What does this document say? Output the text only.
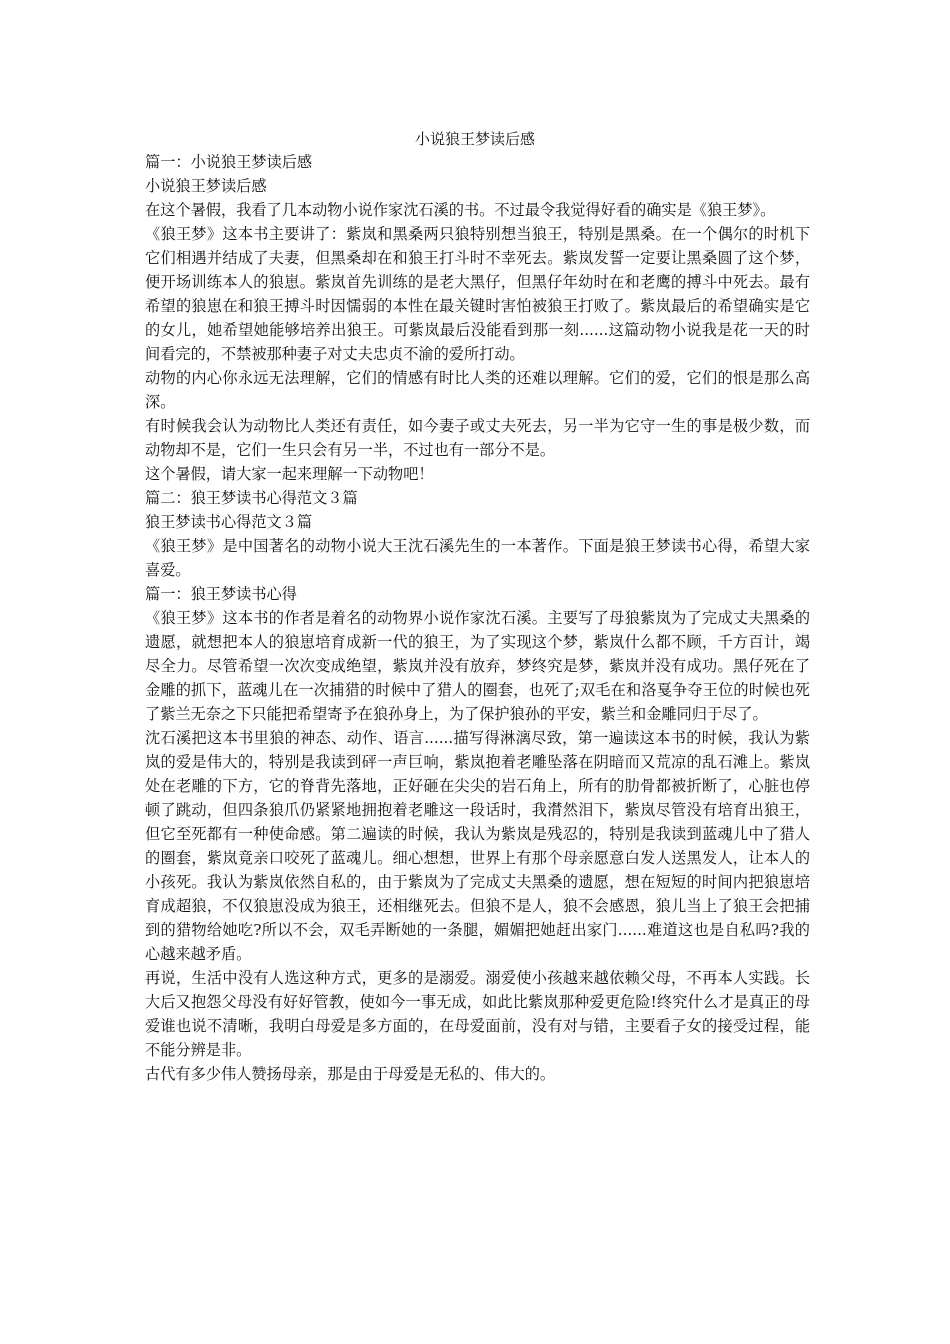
小说狼王梦读后感

篇一：小说狼王梦读后感

小说狼王梦读后感

在这个暑假，我看了几本动物小说作家沈石溪的书。不过最令我觉得好看的确实是《狼王梦》。

《狼王梦》这本书主要讲了：紫岚和黑桑两只狼特别想当狼王，特别是黑桑。在一个偶尔的时机下它们相遇并结成了夫妻，但黑桑却在和狼王打斗时不幸死去。紫岚发誓一定要让黑桑圆了这个梦，便开场训练本人的狼崽。紫岚首先训练的是老大黑仔，但黑仔年幼时在和老鹰的搏斗中死去。最有希望的狼崽在和狼王搏斗时因懦弱的本性在最关键时害怕被狼王打败了。紫岚最后的希望确实是它的女儿，她希望她能够培养出狼王。可紫岚最后没能看到那一刻......这篇动物小说我是花一天的时间看完的，不禁被那种妻子对丈夫忠贞不渝的爱所打动。

动物的内心你永远无法理解，它们的情感有时比人类的还难以理解。它们的爱，它们的恨是那么高深。

有时候我会认为动物比人类还有责任，如今妻子或丈夫死去，另一半为它守一生的事是极少数，而动物却不是，它们一生只会有另一半，不过也有一部分不是。

这个暑假，请大家一起来理解一下动物吧！

篇二：狼王梦读书心得范文３篇

狼王梦读书心得范文３篇

《狼王梦》是中国著名的动物小说大王沈石溪先生的一本著作。下面是狼王梦读书心得，希望大家喜爱。

篇一：狼王梦读书心得

《狼王梦》这本书的作者是着名的动物界小说作家沈石溪。主要写了母狼紫岚为了完成丈夫黑桑的遗愿，就想把本人的狼崽培育成新一代的狼王，为了实现这个梦，紫岚什么都不顾，千方百计，竭尽全力。尽管希望一次次变成绝望，紫岚并没有放弃，梦终究是梦，紫岚并没有成功。黑仔死在了金雕的抓下，蓝魂儿在一次捕猎的时候中了猎人的圈套，也死了;双毛在和洛戛争夺王位的时候也死了紫兰无奈之下只能把希望寄予在狼孙身上，为了保护狼孙的平安，紫兰和金雕同归于尽了。

沈石溪把这本书里狼的神态、动作、语言......描写得淋漓尽致，第一遍读这本书的时候，我认为紫岚的爱是伟大的，特别是我读到砰一声巨响，紫岚抱着老雕坠落在阴暗而又荒凉的乱石滩上。紫岚处在老雕的下方，它的脊背先落地，正好砸在尖尖的岩石角上，所有的肋骨都被折断了，心脏也停顿了跳动，但四条狼爪仍紧紧地拥抱着老雕这一段话时，我潸然泪下，紫岚尽管没有培育出狼王，但它至死都有一种使命感。第二遍读的时候，我认为紫岚是残忍的，特别是我读到蓝魂儿中了猎人的圈套，紫岚竟亲口咬死了蓝魂儿。细心想想，世界上有那个母亲愿意白发人送黑发人，让本人的小孩死。我认为紫岚依然自私的，由于紫岚为了完成丈夫黑桑的遗愿，想在短短的时间内把狼崽培育成超狼，不仅狼崽没成为狼王，还相继死去。但狼不是人，狼不会感恩，狼儿当上了狼王会把捕到的猎物给她吃?所以不会，双毛弄断她的一条腿，媚媚把她赶出家门......难道这也是自私吗?我的心越来越矛盾。

再说，生活中没有人选这种方式，更多的是溺爱。溺爱使小孩越来越依赖父母，不再本人实践。长大后又抱怨父母没有好好管教，使如今一事无成，如此比紫岚那种爱更危险!终究什么才是真正的母爱谁也说不清晰，我明白母爱是多方面的，在母爱面前，没有对与错，主要看子女的接受过程，能不能分辨是非。

古代有多少伟人赞扬母亲，那是由于母爱是无私的、伟大的。
